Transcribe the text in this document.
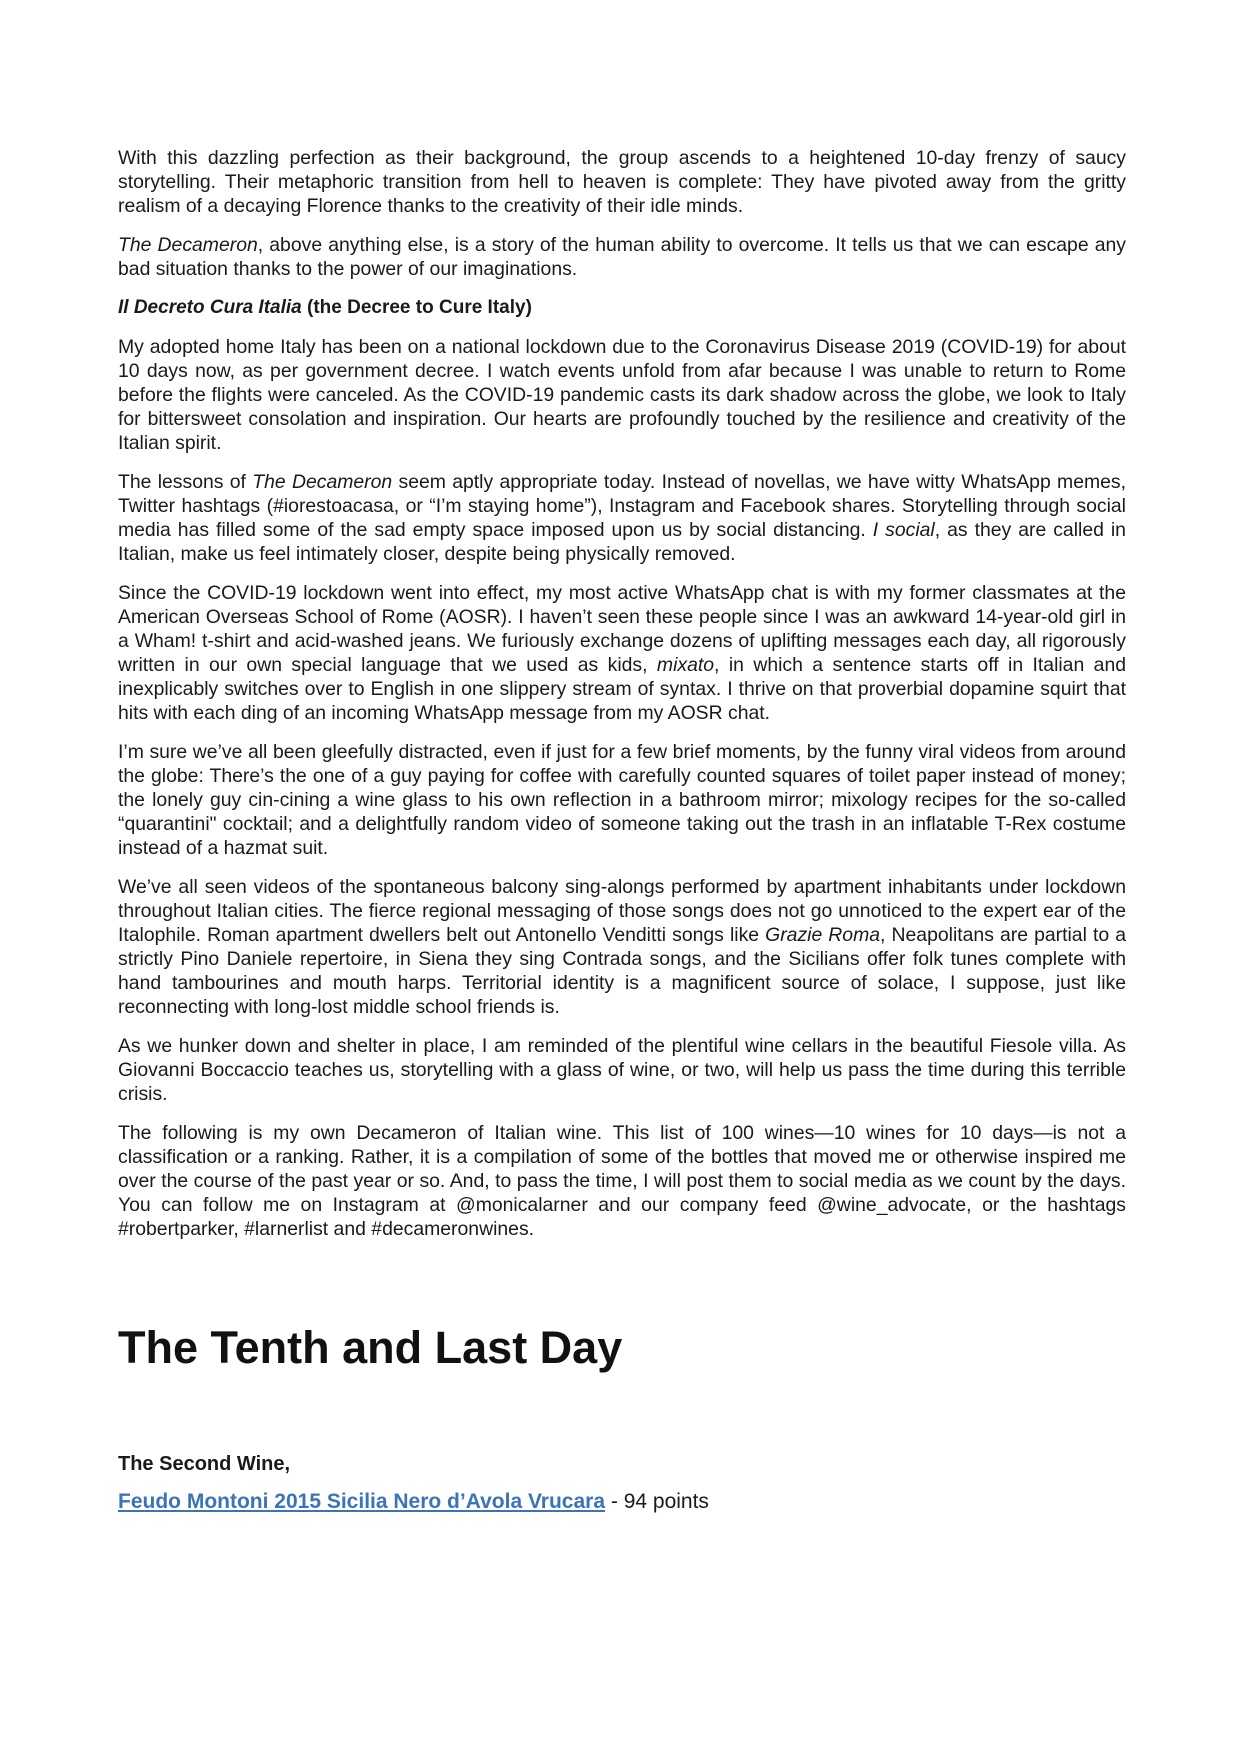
With this dazzling perfection as their background, the group ascends to a heightened 10-day frenzy of saucy storytelling. Their metaphoric transition from hell to heaven is complete: They have pivoted away from the gritty realism of a decaying Florence thanks to the creativity of their idle minds.

The Decameron, above anything else, is a story of the human ability to overcome. It tells us that we can escape any bad situation thanks to the power of our imaginations.

Il Decreto Cura Italia (the Decree to Cure Italy)

My adopted home Italy has been on a national lockdown due to the Coronavirus Disease 2019 (COVID-19) for about 10 days now, as per government decree. I watch events unfold from afar because I was unable to return to Rome before the flights were canceled. As the COVID-19 pandemic casts its dark shadow across the globe, we look to Italy for bittersweet consolation and inspiration. Our hearts are profoundly touched by the resilience and creativity of the Italian spirit.

The lessons of The Decameron seem aptly appropriate today. Instead of novellas, we have witty WhatsApp memes, Twitter hashtags (#iorestoacasa, or “I’m staying home”), Instagram and Facebook shares. Storytelling through social media has filled some of the sad empty space imposed upon us by social distancing. I social, as they are called in Italian, make us feel intimately closer, despite being physically removed.

Since the COVID-19 lockdown went into effect, my most active WhatsApp chat is with my former classmates at the American Overseas School of Rome (AOSR). I haven’t seen these people since I was an awkward 14-year-old girl in a Wham! t-shirt and acid-washed jeans. We furiously exchange dozens of uplifting messages each day, all rigorously written in our own special language that we used as kids, mixato, in which a sentence starts off in Italian and inexplicably switches over to English in one slippery stream of syntax. I thrive on that proverbial dopamine squirt that hits with each ding of an incoming WhatsApp message from my AOSR chat.

I’m sure we’ve all been gleefully distracted, even if just for a few brief moments, by the funny viral videos from around the globe: There’s the one of a guy paying for coffee with carefully counted squares of toilet paper instead of money; the lonely guy cin-cining a wine glass to his own reflection in a bathroom mirror; mixology recipes for the so-called “quarantini" cocktail; and a delightfully random video of someone taking out the trash in an inflatable T-Rex costume instead of a hazmat suit.

We’ve all seen videos of the spontaneous balcony sing-alongs performed by apartment inhabitants under lockdown throughout Italian cities. The fierce regional messaging of those songs does not go unnoticed to the expert ear of the Italophile. Roman apartment dwellers belt out Antonello Venditti songs like Grazie Roma, Neapolitans are partial to a strictly Pino Daniele repertoire, in Siena they sing Contrada songs, and the Sicilians offer folk tunes complete with hand tambourines and mouth harps. Territorial identity is a magnificent source of solace, I suppose, just like reconnecting with long-lost middle school friends is.

As we hunker down and shelter in place, I am reminded of the plentiful wine cellars in the beautiful Fiesole villa. As Giovanni Boccaccio teaches us, storytelling with a glass of wine, or two, will help us pass the time during this terrible crisis.

The following is my own Decameron of Italian wine. This list of 100 wines—10 wines for 10 days—is not a classification or a ranking. Rather, it is a compilation of some of the bottles that moved me or otherwise inspired me over the course of the past year or so. And, to pass the time, I will post them to social media as we count by the days. You can follow me on Instagram at @monicalarner and our company feed @wine_advocate, or the hashtags #robertparker, #larnerlist and #decameronwines.

The Tenth and Last Day
The Second Wine,
Feudo Montoni 2015 Sicilia Nero d’Avola Vrucara - 94 points
